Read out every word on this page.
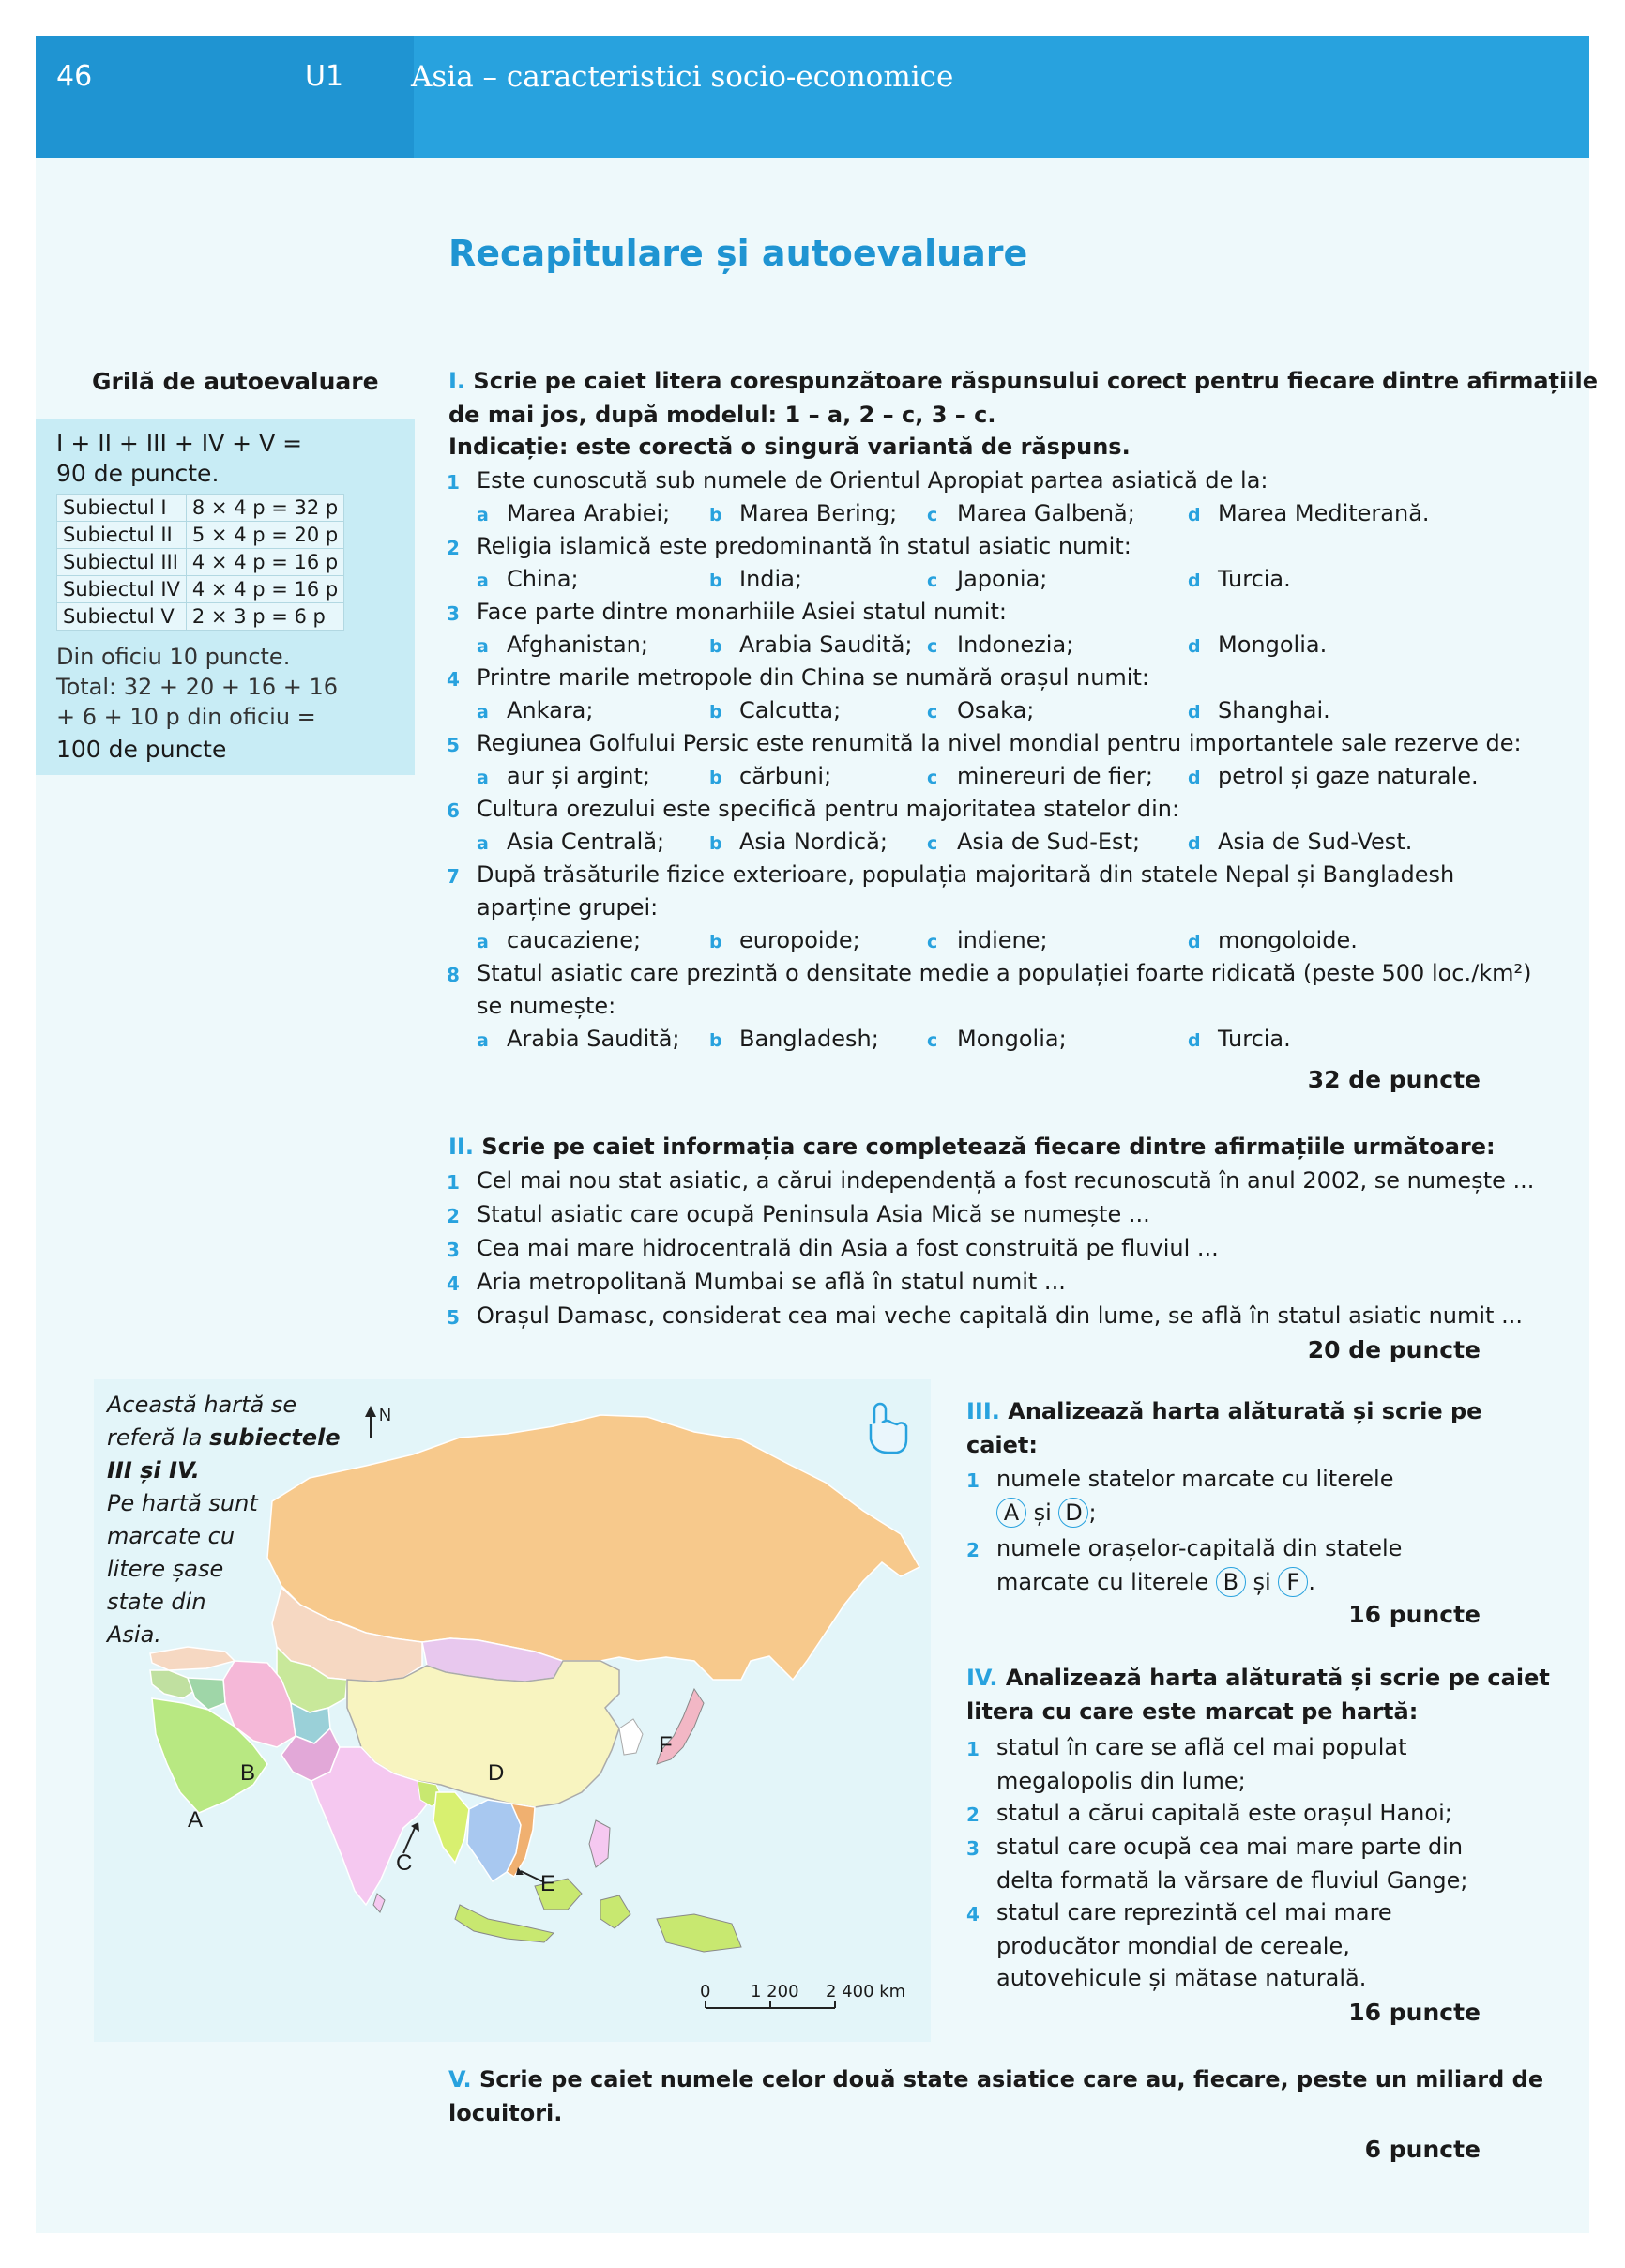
46	U1 Asia – caracteristici socio-economice
Recapitulare și autoevaluare
Grilă de autoevaluare
I + II + III + IV + V =
90 de puncte.
Subiectul I	8 × 4 p = 32 p
Subiectul II	5 × 4 p = 20 p
Subiectul III	4 × 4 p = 16 p
Subiectul IV	4 × 4 p = 16 p
Subiectul V	2 × 3 p = 6 p
Din oficiu 10 puncte.
Total: 32 + 20 + 16 + 16
+ 6 + 10 p din oficiu =
100 de puncte
I. Scrie pe caiet litera corespunzătoare răspunsului corect pentru fiecare dintre afirmațiile
de mai jos, după modelul: 1 – a, 2 – c, 3 – c.
Indicație: este corectă o singură variantă de răspuns.
1 Este cunoscută sub numele de Orientul Apropiat partea asiatică de la:
a Marea Arabiei; b Marea Bering; c Marea Galbenă;	d Marea Mediterană.
2 Religia islamică este predominantă în statul asiatic numit:
a China;	b India;	c Japonia;	d Turcia.
3 Face parte dintre monarhiile Asiei statul numit:
a Afghanistan;	b Arabia Saudită; c Indonezia;	d Mongolia.
4 Printre marile metropole din China se numără orașul numit:
a Ankara;	b Calcutta;	c Osaka;	d Shanghai.
5 Regiunea Golfului Persic este renumită la nivel mondial pentru importantele sale rezerve de:
a aur și argint;	b cărbuni;	c minereuri de fier; d petrol și gaze naturale.
6 Cultura orezului este specifică pentru majoritatea statelor din:
a Asia Centrală;	b Asia Nordică; c Asia de Sud-Est;	d Asia de Sud-Vest.
7 După trăsăturile fizice exterioare, populația majoritară din statele Nepal și Bangladesh
aparține grupei:
a caucaziene;	b europoide;	c indiene;	d mongoloide.
8 Statul asiatic care prezintă o densitate medie a populației foarte ridicată (peste 500 loc./km²)
se numește:
a Arabia Saudită; b Bangladesh;	c Mongolia;	d Turcia.
32 de puncte
II. Scrie pe caiet informația care completează fiecare dintre afirmațiile următoare:
1 Cel mai nou stat asiatic, a cărui independență a fost recunoscută în anul 2002, se numește ...
2 Statul asiatic care ocupă Peninsula Asia Mică se numește ...
3 Cea mai mare hidrocentrală din Asia a fost construită pe fluviul ...
4 Aria metropolitană Mumbai se află în statul numit ...
5 Orașul Damasc, considerat cea mai veche capitală din lume, se află în statul asiatic numit ...
20 de puncte
Această hartă se
referă la subiectele
III și IV.
Pe hartă sunt
marcate cu
litere șase
state din
Asia.
N
A
B
C
D
E
F
0 1 200 2 400 km
III. Analizează harta alăturată și scrie pe
caiet:
1 numele statelor marcate cu literele
A și D ;
2 numele orașelor-capitală din statele
marcate cu literele B și F .
16 puncte
IV. Analizează harta alăturată și scrie pe caiet
litera cu care este marcat pe hartă:
1 statul în care se află cel mai populat
megalopolis din lume;
2 statul a cărui capitală este orașul Hanoi;
3 statul care ocupă cea mai mare parte din
delta formată la vărsare de fluviul Gange;
4 statul care reprezintă cel mai mare
producător mondial de cereale,
autovehicule și mătase naturală.
16 puncte
V. Scrie pe caiet numele celor două state asiatice care au, fiecare, peste un miliard de
locuitori.
6 puncte
